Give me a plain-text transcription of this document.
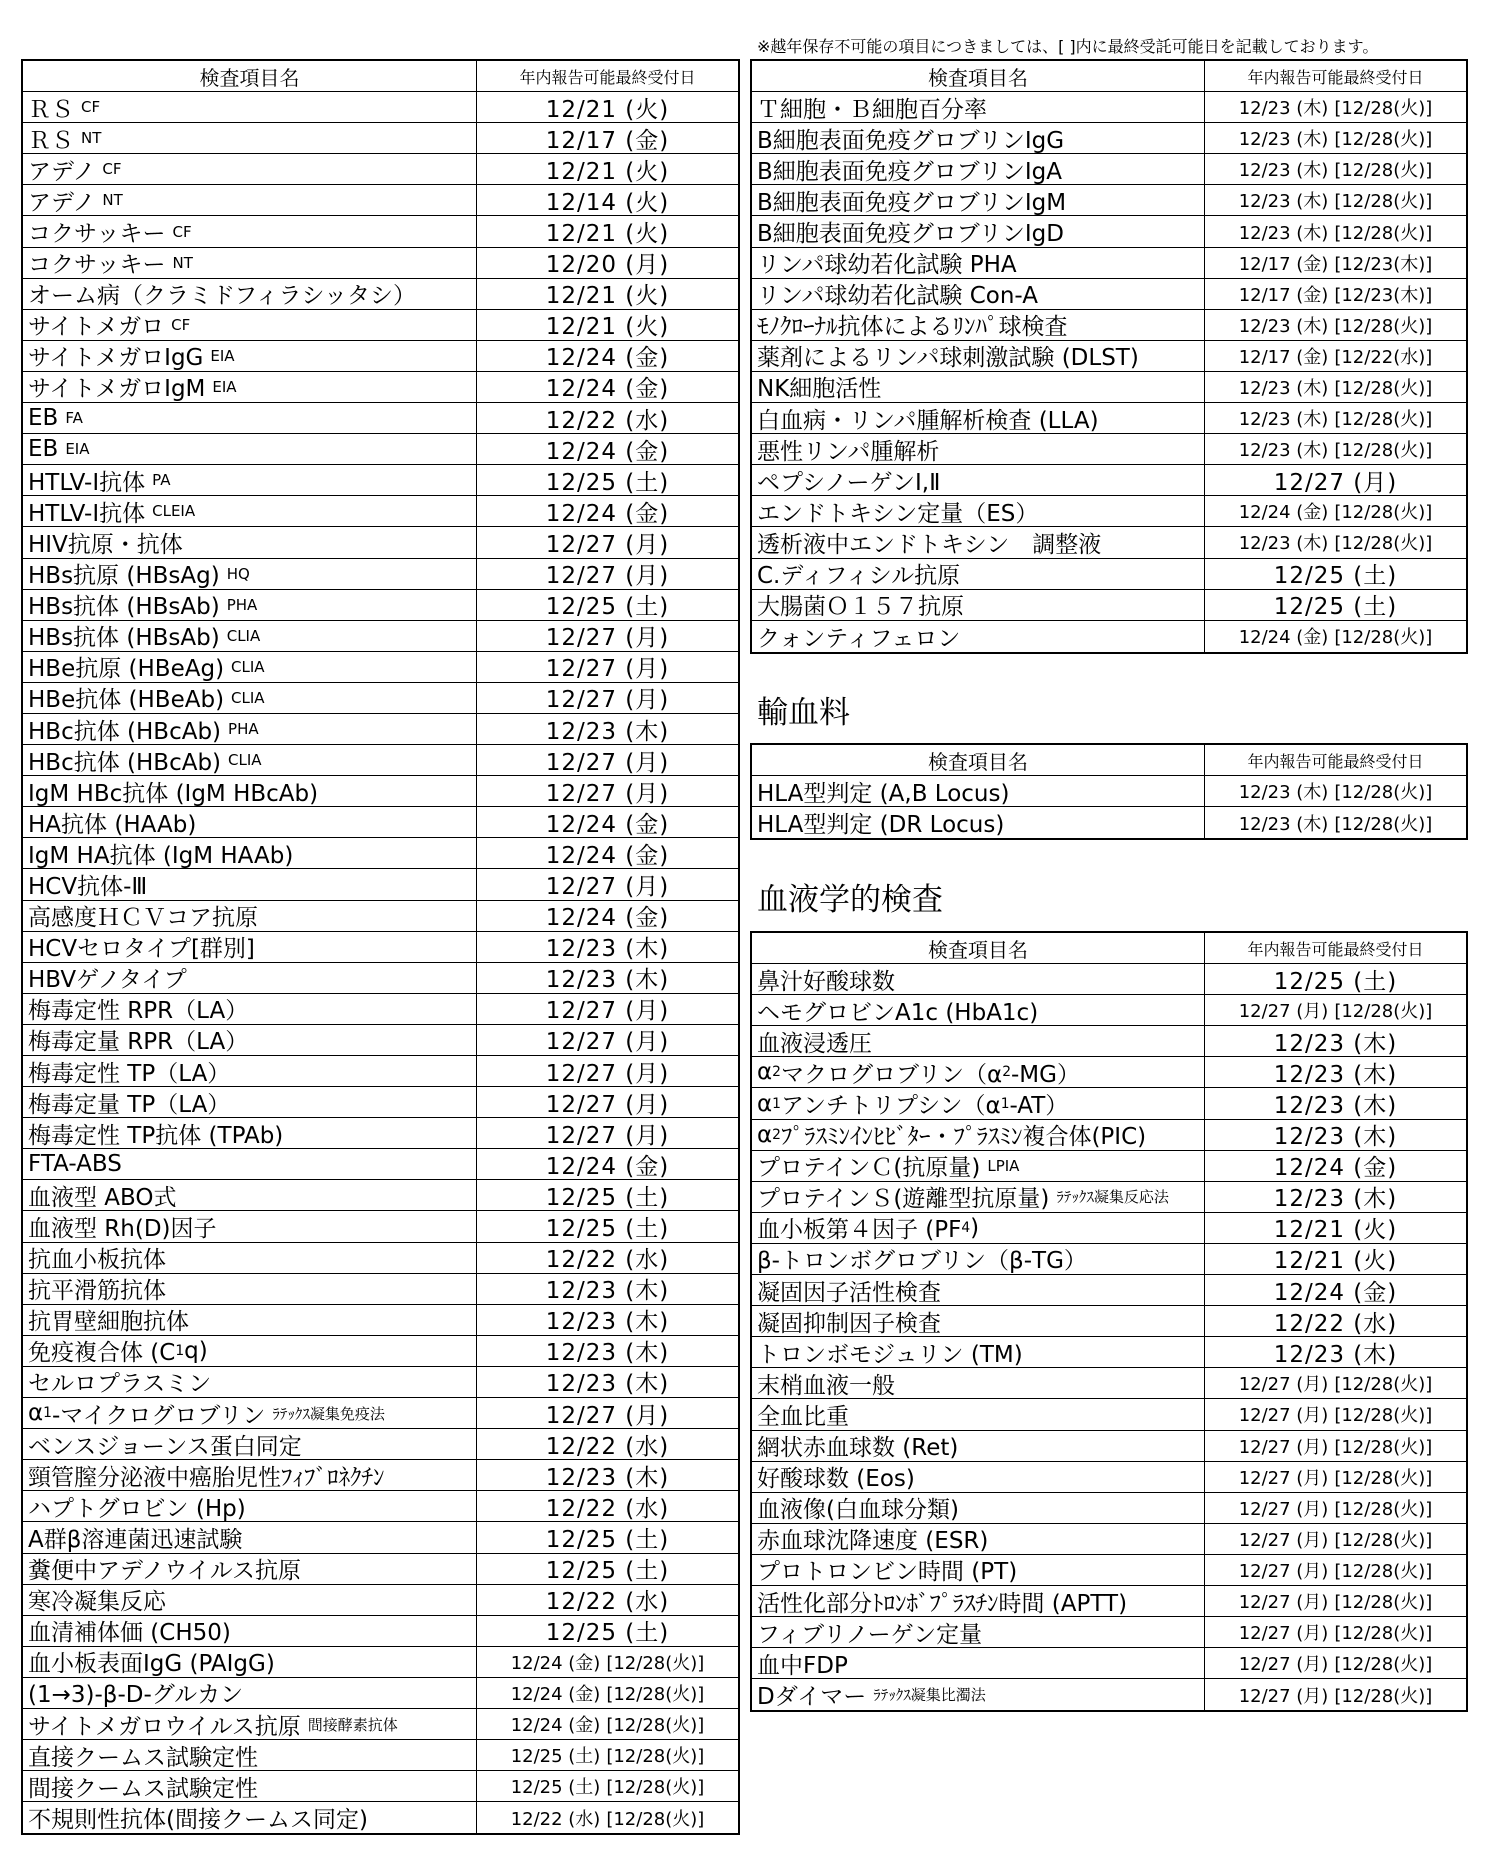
※越年保存不可能の項目につきましては、[ ]内に最終受託可能日を記載しております。
検査項目名	年内報告可能最終受付日
ＲＳ CF	12/21 (火)
ＲＳ NT	12/17 (金)
アデノ CF	12/21 (火)
アデノ NT	12/14 (火)
コクサッキー CF	12/21 (火)
コクサッキー NT	12/20 (月)
オーム病（クラミドフィラシッタシ）	12/21 (火)
サイトメガロ CF	12/21 (火)
サイトメガロIgG EIA	12/24 (金)
サイトメガロIgM EIA	12/24 (金)
EB FA	12/22 (水)
EB EIA	12/24 (金)
HTLV-Ⅰ抗体 PA	12/25 (土)
HTLV-Ⅰ抗体 CLEIA	12/24 (金)
HIV抗原・抗体	12/27 (月)
HBs抗原 (HBsAg) HQ	12/27 (月)
HBs抗体 (HBsAb) PHA	12/25 (土)
HBs抗体 (HBsAb) CLIA	12/27 (月)
HBe抗原 (HBeAg) CLIA	12/27 (月)
HBe抗体 (HBeAb) CLIA	12/27 (月)
HBc抗体 (HBcAb) PHA	12/23 (木)
HBc抗体 (HBcAb) CLIA	12/27 (月)
IgM HBc抗体 (IgM HBcAb)	12/27 (月)
HA抗体 (HAAb)	12/24 (金)
IgM HA抗体 (IgM HAAb)	12/24 (金)
HCV抗体-Ⅲ	12/27 (月)
高感度ＨＣＶコア抗原	12/24 (金)
HCVセロタイプ[群別]	12/23 (木)
HBVゲノタイプ	12/23 (木)
梅毒定性 RPR（LA）	12/27 (月)
梅毒定量 RPR（LA）	12/27 (月)
梅毒定性 TP（LA）	12/27 (月)
梅毒定量 TP（LA）	12/27 (月)
梅毒定性 TP抗体 (TPAb)	12/27 (月)
FTA-ABS	12/24 (金)
血液型 ABO式	12/25 (土)
血液型 Rh(D)因子	12/25 (土)
抗血小板抗体	12/22 (水)
抗平滑筋抗体	12/23 (木)
抗胃壁細胞抗体	12/23 (木)
免疫複合体 (C 1 q)	12/23 (木)
セルロプラスミン	12/23 (木)
α 1 -マイクログロブリン ﾗﾃｯｸｽ凝集免疫法	12/27 (月)
ベンスジョーンス蛋白同定	12/22 (水)
頸管膣分泌液中癌胎児性ﾌｨﾌﾞﾛﾈｸﾁﾝ	12/23 (木)
ハプトグロビン (Hp)	12/22 (水)
A群β溶連菌迅速試験	12/25 (土)
糞便中アデノウイルス抗原	12/25 (土)
寒冷凝集反応	12/22 (水)
血清補体価 (CH50)	12/25 (土)
血小板表面IgG (PAIgG)	12/24 (金) [12/28(火)]
(1→3)-β-D-グルカン	12/24 (金) [12/28(火)]
サイトメガロウイルス抗原 間接酵素抗体	12/24 (金) [12/28(火)]
直接クームス試験定性	12/25 (土) [12/28(火)]
間接クームス試験定性	12/25 (土) [12/28(火)]
不規則性抗体(間接クームス同定)	12/22 (水) [12/28(火)]
検査項目名	年内報告可能最終受付日
Ｔ細胞・Ｂ細胞百分率	12/23 (木) [12/28(火)]
B細胞表面免疫グロブリンIgG	12/23 (木) [12/28(火)]
B細胞表面免疫グロブリンIgA	12/23 (木) [12/28(火)]
B細胞表面免疫グロブリンIgM	12/23 (木) [12/28(火)]
B細胞表面免疫グロブリンIgD	12/23 (木) [12/28(火)]
リンパ球幼若化試験 PHA	12/17 (金) [12/23(木)]
リンパ球幼若化試験 Con-A	12/17 (金) [12/23(木)]
ﾓﾉｸﾛｰﾅﾙ抗体によるﾘﾝﾊﾟ球検査	12/23 (木) [12/28(火)]
薬剤によるリンパ球刺激試験 (DLST)	12/17 (金) [12/22(水)]
NK細胞活性	12/23 (木) [12/28(火)]
白血病・リンパ腫解析検査 (LLA)	12/23 (木) [12/28(火)]
悪性リンパ腫解析	12/23 (木) [12/28(火)]
ペプシノーゲンⅠ,Ⅱ	12/27 (月)
エンドトキシン定量（ES）	12/24 (金) [12/28(火)]
透析液中エンドトキシン　調整液	12/23 (木) [12/28(火)]
C.ディフィシル抗原	12/25 (土)
大腸菌Ｏ１５７抗原	12/25 (土)
クォンティフェロン	12/24 (金) [12/28(火)]
輸血料
検査項目名	年内報告可能最終受付日
HLA型判定 (A,B Locus)	12/23 (木) [12/28(火)]
HLA型判定 (DR Locus)	12/23 (木) [12/28(火)]
血液学的検査
検査項目名	年内報告可能最終受付日
鼻汁好酸球数	12/25 (土)
ヘモグロビンA1c (HbA1c)	12/27 (月) [12/28(火)]
血液浸透圧	12/23 (木)
α 2 マクログロブリン（α 2 -MG）	12/23 (木)
α 1 アンチトリプシン（α 1 -AT）	12/23 (木)
α 2 ﾌﾟﾗｽﾐﾝｲﾝﾋﾋﾞﾀｰ・ﾌﾟﾗｽﾐﾝ複合体(PIC)	12/23 (木)
プロテインＣ(抗原量) LPIA	12/24 (金)
プロテインＳ(遊離型抗原量) ﾗﾃｯｸｽ凝集反応法	12/23 (木)
血小板第４因子 (PF 4 )	12/21 (火)
β-トロンボグロブリン（β-TG）	12/21 (火)
凝固因子活性検査	12/24 (金)
凝固抑制因子検査	12/22 (水)
トロンボモジュリン (TM)	12/23 (木)
末梢血液一般	12/27 (月) [12/28(火)]
全血比重	12/27 (月) [12/28(火)]
網状赤血球数 (Ret)	12/27 (月) [12/28(火)]
好酸球数 (Eos)	12/27 (月) [12/28(火)]
血液像(白血球分類)	12/27 (月) [12/28(火)]
赤血球沈降速度 (ESR)	12/27 (月) [12/28(火)]
プロトロンビン時間 (PT)	12/27 (月) [12/28(火)]
活性化部分ﾄﾛﾝﾎﾞﾌﾟﾗｽﾁﾝ時間 (APTT)	12/27 (月) [12/28(火)]
フィブリノーゲン定量	12/27 (月) [12/28(火)]
血中FDP	12/27 (月) [12/28(火)]
Dダイマー ﾗﾃｯｸｽ凝集比濁法	12/27 (月) [12/28(火)]
